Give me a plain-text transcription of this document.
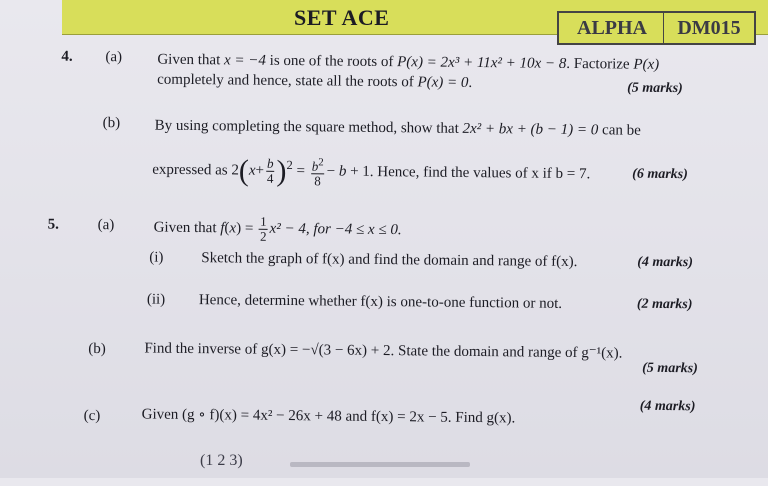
SET ACE	ALPHA	DM015
4. (a) Given that x = −4 is one of the roots of P(x) = 2x³ + 11x² + 10x − 8. Factorize P(x)
completely and hence, state all the roots of P(x) = 0.	(5 marks)
(b) By using completing the square method, show that 2x² + bx + (b − 1) = 0 can be
expressed as $2(x+ \frac{b}{4} )^2 = \frac{b^2}{8} - b + 1$. Hence, find the values of x if b = 7.	(6 marks)
5.	(a)	Given that $f(x) = \frac{1}{2} x^2 - 4$, for −4 ≤ x ≤ 0.
(i)	Sketch the graph of f(x) and find the domain and range of f(x).	(4 marks)
(ii) Hence, determine whether f(x) is one-to-one function or not.	(2 marks)
(b)	Find the inverse of g(x) = −√(3 − 6x) + 2. State the domain and range of g⁻¹(x).
(5 marks)
(c)	Given (g ∘ f)(x) = 4x² − 26x + 48 and f(x) = 2x − 5. Find g(x).	(4 marks)
(1 2 3)
